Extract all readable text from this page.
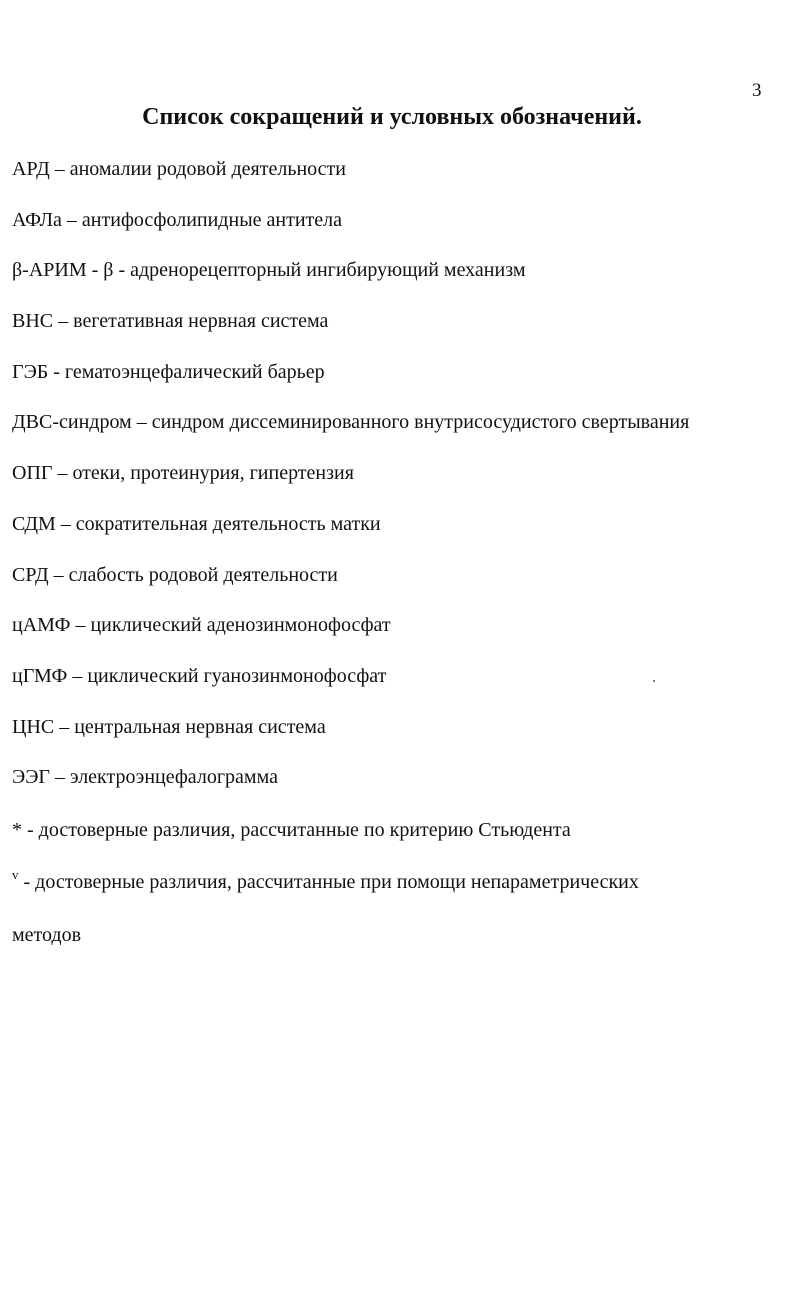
3
Список сокращений и условных обозначений.
АРД – аномалии родовой деятельности
АФЛа – антифосфолипидные антитела
β-АРИМ - β - адренорецепторный ингибирующий механизм
ВНС – вегетативная нервная система
ГЭБ - гематоэнцефалический барьер
ДВС-синдром – синдром диссеминированного внутрисосудистого свертывания
ОПГ – отеки, протеинурия, гипертензия
СДМ – сократительная деятельность матки
СРД – слабость родовой деятельности
цАМФ – циклический аденозинмонофосфат
цГМФ – циклический гуанозинмонофосфат
ЦНС – центральная нервная система
ЭЭГ – электроэнцефалограмма
* - достоверные различия, рассчитанные по критерию Стьюдента
$^v$ - достоверные различия, рассчитанные при помощи непараметрических
методов
